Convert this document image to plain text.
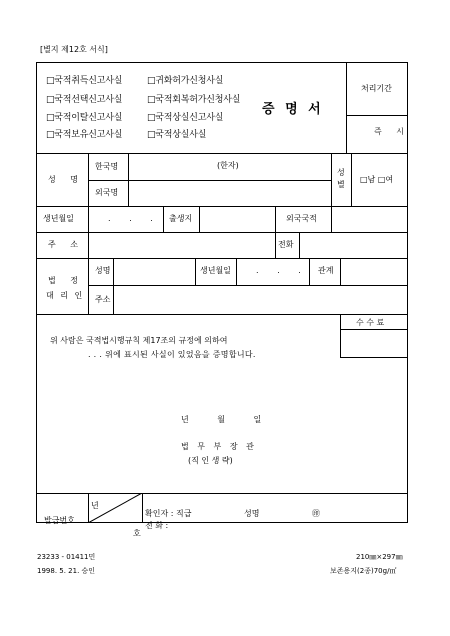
[별지 제12호 서식]
□국적취득신고사실	□귀화허가신청사실
□국적선택신고사실	□국적회복허가신청사실
□국적이탈신고사실	□국적상실신고사실
□국적보유신고사실	□국적상실사실
증 명 서
처리기간
즉 시
성 명
한국명	(한자)
외국명
성 별
□남 □여
생년월일	. . . 출생지	외국국적
주 소	전화
법 정
대 리 인
성명	생년월일	. . . 관계
주소
수 수 료
위 사람은 국적법시행규칙 제17조의 규정에 의하여
. . . 위에 표시된 사실이 있었음을 증명합니다.
년 월 일
법 무 부 장 관
(직 인 생 략)
발급번호
년
호
확인자 : 직급	성명	㊞
전 화 :
23233 - 01411민
1998. 5. 21. 승인
210㎜×297㎜
보존용지(2종)70g/㎡
